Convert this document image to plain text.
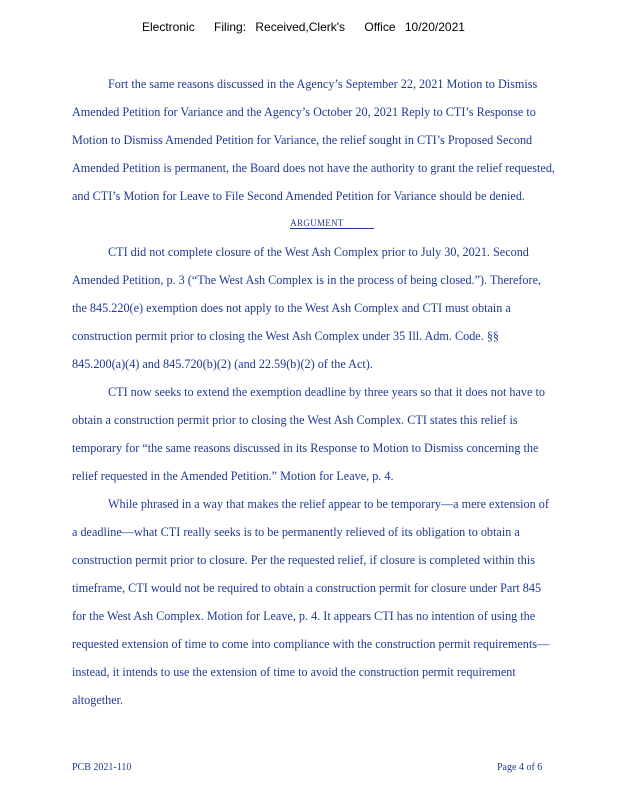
Electronic Filing: Received,Clerk's Office 10/20/2021
Fort the same reasons discussed in the Agency’s September 22, 2021 Motion to Dismiss
Amended Petition for Variance and the Agency’s October 20, 2021 Reply to CTI’s Response to
Motion to Dismiss Amended Petition for Variance, the relief sought in CTI’s Proposed Second
Amended Petition is permanent, the Board does not have the authority to grant the relief requested,
and CTI’s Motion for Leave to File Second Amended Petition for Variance should be denied.
ARGUMENT
CTI did not complete closure of the West Ash Complex prior to July 30, 2021. Second
Amended Petition, p. 3 (“The West Ash Complex is in the process of being closed.”). Therefore,
the 845.220(e) exemption does not apply to the West Ash Complex and CTI must obtain a
construction permit prior to closing the West Ash Complex under 35 Ill. Adm. Code. §§
845.200(a)(4) and 845.720(b)(2) (and 22.59(b)(2) of the Act).
CTI now seeks to extend the exemption deadline by three years so that it does not have to
obtain a construction permit prior to closing the West Ash Complex. CTI states this relief is
temporary for “the same reasons discussed in its Response to Motion to Dismiss concerning the
relief requested in the Amended Petition.” Motion for Leave, p. 4.
While phrased in a way that makes the relief appear to be temporary—a mere extension of
a deadline—what CTI really seeks is to be permanently relieved of its obligation to obtain a
construction permit prior to closure. Per the requested relief, if closure is completed within this
timeframe, CTI would not be required to obtain a construction permit for closure under Part 845
for the West Ash Complex. Motion for Leave, p. 4. It appears CTI has no intention of using the
requested extension of time to come into compliance with the construction permit requirements—
instead, it intends to use the extension of time to avoid the construction permit requirement
altogether.
PCB 2021-110	Page 4 of 6
